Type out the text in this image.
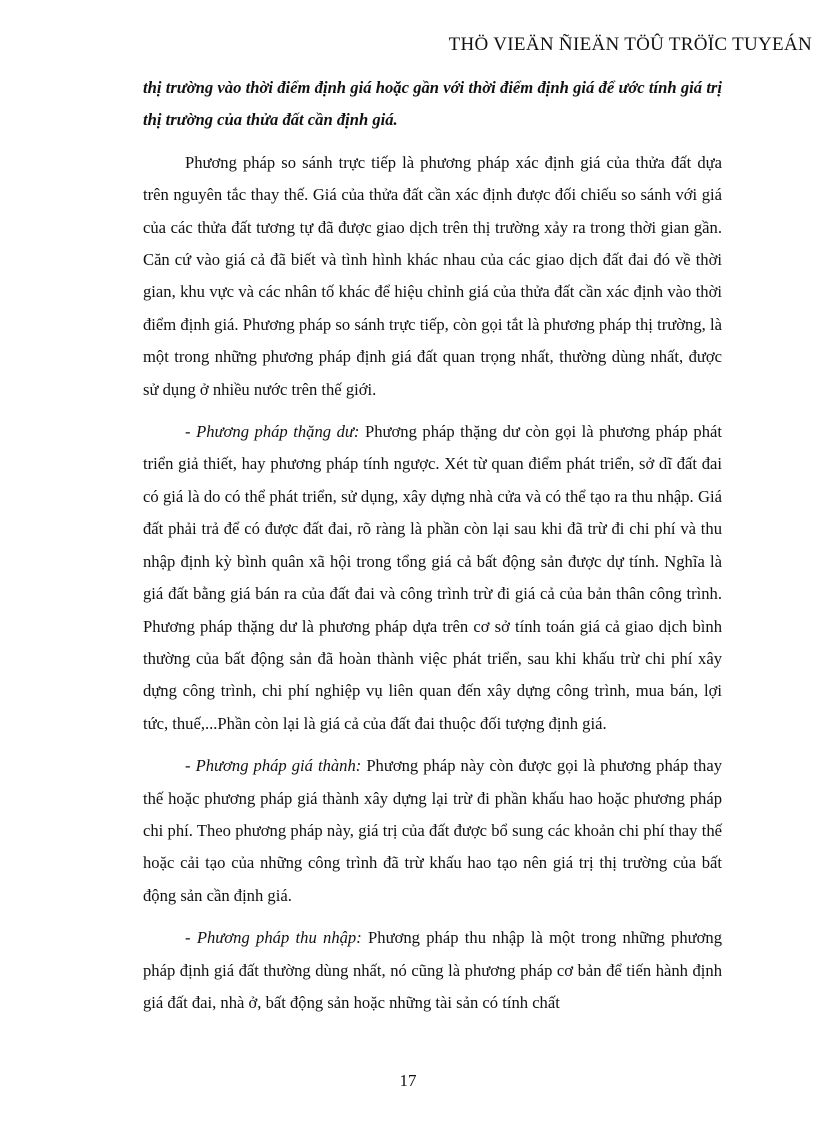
THÖ VIEÄN ÑIEÄN TÖÛ TRÖÏC TUYEÁN

thị trường vào thời điểm định giá hoặc gần với thời điểm định giá để ước tính giá trị thị trường của thửa đất cần định giá.

Phương pháp so sánh trực tiếp là phương pháp xác định giá của thửa đất dựa trên nguyên tắc thay thế. Giá của thửa đất cần xác định được đối chiếu so sánh với giá của các thửa đất tương tự đã được giao dịch trên thị trường xảy ra trong thời gian gần. Căn cứ vào giá cả đã biết và tình hình khác nhau của các giao dịch đất đai đó về thời gian, khu vực và các nhân tố khác để hiệu chỉnh giá của thửa đất cần xác định vào thời điểm định giá. Phương pháp so sánh trực tiếp, còn gọi tắt là phương pháp thị trường, là một trong những phương pháp định giá đất quan trọng nhất, thường dùng nhất, được sử dụng ở nhiều nước trên thế giới.

- Phương pháp thặng dư: Phương pháp thặng dư còn gọi là phương pháp phát triển giả thiết, hay phương pháp tính ngược. Xét từ quan điểm phát triển, sở dĩ đất đai có giá là do có thể phát triển, sử dụng, xây dựng nhà cửa và có thể tạo ra thu nhập. Giá đất phải trả để có được đất đai, rõ ràng là phần còn lại sau khi đã trừ đi chi phí và thu nhập định kỳ bình quân xã hội trong tổng giá cả bất động sản được dự tính. Nghĩa là giá đất bằng giá bán ra của đất đai và công trình trừ đi giá cả của bản thân công trình. Phương pháp thặng dư là phương pháp dựa trên cơ sở tính toán giá cả giao dịch bình thường của bất động sản đã hoàn thành việc phát triển, sau khi khấu trừ chi phí xây dựng công trình, chi phí nghiệp vụ liên quan đến xây dựng công trình, mua bán, lợi tức, thuế,...Phần còn lại là giá cả của đất đai thuộc đối tượng định giá.

- Phương pháp giá thành: Phương pháp này còn được gọi là phương pháp thay thế hoặc phương pháp giá thành xây dựng lại trừ đi phần khấu hao hoặc phương pháp chi phí. Theo phương pháp này, giá trị của đất được bổ sung các khoản chi phí thay thế hoặc cải tạo của những công trình đã trừ khấu hao tạo nên giá trị thị trường của bất động sản cần định giá.

- Phương pháp thu nhập: Phương pháp thu nhập là một trong những phương pháp định giá đất thường dùng nhất, nó cũng là phương pháp cơ bản để tiến hành định giá đất đai, nhà ở, bất động sản hoặc những tài sản có tính chất

17
